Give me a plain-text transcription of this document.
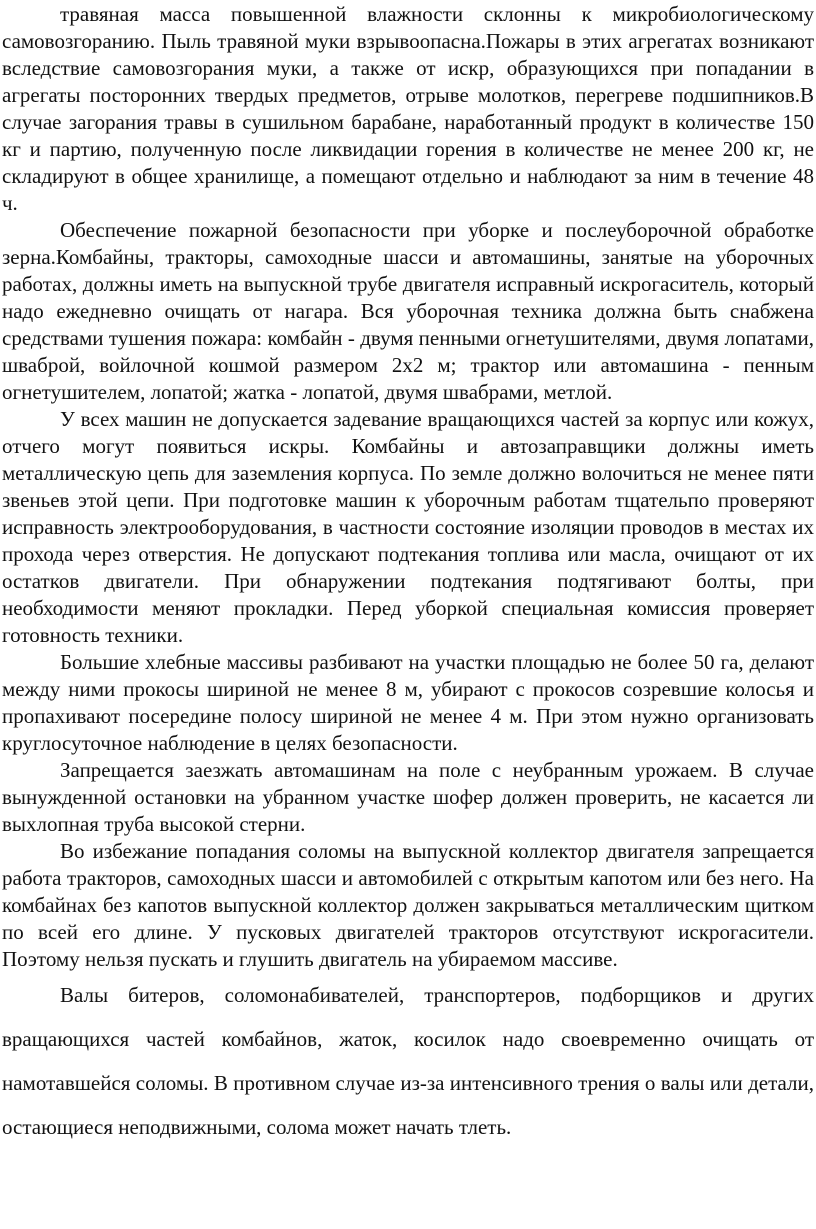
травяная масса повышенной влажности склонны к микробиологическому самовозгоранию. Пыль травяной муки взрывоопасна.Пожары в этих агрегатах возникают вследствие самовозгорания муки, а также от искр, образующихся при попадании в агрегаты посторонних твердых предметов, отрыве молотков, перегреве подшипников.В случае загорания травы в сушильном барабане, наработанный продукт в количестве 150 кг и партию, полученную после ликвидации горения в количестве не менее 200 кг, не складируют в общее хранилище, а помещают отдельно и наблюдают за ним в течение 48 ч.

Обеспечение пожарной безопасности при уборке и послеуборочной обработке зерна.Комбайны, тракторы, самоходные шасси и автомашины, занятые на уборочных работах, должны иметь на выпускной трубе двигателя исправный искрогаситель, который надо ежедневно очищать от нагара. Вся уборочная техника должна быть снабжена средствами тушения пожара: комбайн - двумя пенными огнетушителями, двумя лопатами, шваброй, войлочной кошмой размером 2х2 м; трактор или автомашина - пенным огнетушителем, лопатой; жатка - лопатой, двумя швабрами, метлой.

У всех машин не допускается задевание вращающихся частей за корпус или кожух, отчего могут появиться искры. Комбайны и автозаправщики должны иметь металлическую цепь для заземления корпуса. По земле должно волочиться не менее пяти звеньев этой цепи. При подготовке машин к уборочным работам тщательпо проверяют исправность электрооборудования, в частности состояние изоляции проводов в местах их прохода через отверстия. Не допускают подтекания топлива или масла, очищают от их остатков двигатели. При обнаружении подтекания подтягивают болты, при необходимости меняют прокладки. Перед уборкой специальная комиссия проверяет готовность техники.

Большие хлебные массивы разбивают на участки площадью не более 50 га, делают между ними прокосы шириной не менее 8 м, убирают с прокосов созревшие колосья и пропахивают посередине полосу шириной не менее 4 м. При этом нужно организовать круглосуточное наблюдение в целях безопасности.

Запрещается заезжать автомашинам на поле с неубранным урожаем. В случае вынужденной остановки на убранном участке шофер должен проверить, не касается ли выхлопная труба высокой стерни.

Во избежание попадания соломы на выпускной коллектор двигателя запрещается работа тракторов, самоходных шасси и автомобилей с открытым капотом или без него. На комбайнах без капотов выпускной коллектор должен закрываться металлическим щитком по всей его длине. У пусковых двигателей тракторов отсутствуют искрогасители. Поэтому нельзя пускать и глушить двигатель на убираемом массиве.

Валы битеров, соломонабивателей, транспортеров, подборщиков и других вращающихся частей комбайнов, жаток, косилок надо своевременно очищать от намотавшейся соломы. В противном случае из-за интенсивного трения о валы или детали, остающиеся неподвижными, солома может начать тлеть.
